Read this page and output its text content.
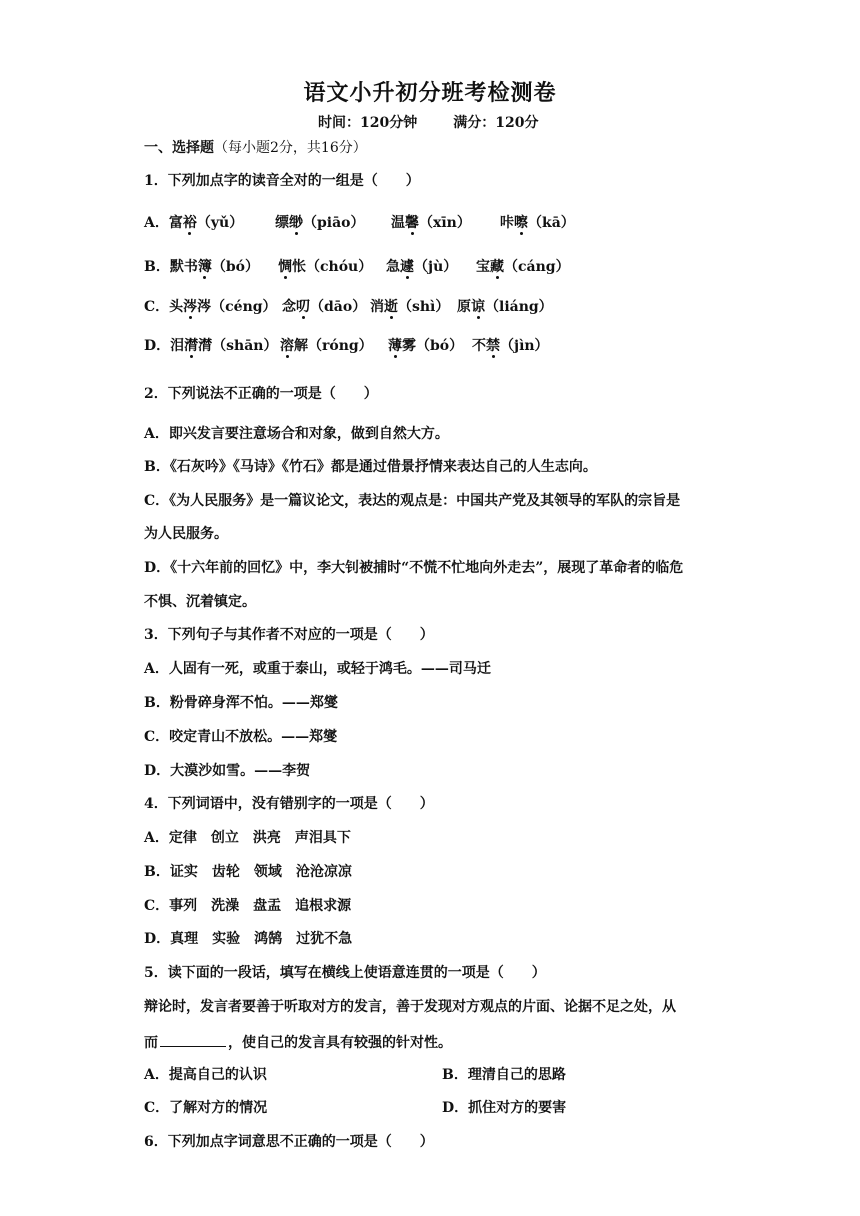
语文小升初分班考检测卷
时间：120分钟	满分：120分
一、选择题（每小题2分，共16分）
1．下列加点字的读音全对的一组是（　　）
A．富裕（yǔ） 缥缈（piāo） 温馨（xīn） 咔嚓（kā）
B．默书簿（bó） 惆怅（chóu） 急遽（jù） 宝藏（cáng）
C．头涔涔（céng） 念叨（dāo） 消逝（shì） 原谅（liáng）
D．泪潸潸（shān） 溶解（róng） 薄雾（bó） 不禁（jìn）
2．下列说法不正确的一项是（　　）
A．即兴发言要注意场合和对象，做到自然大方。
B．《石灰吟》《马诗》《竹石》都是通过借景抒情来表达自己的人生志向。
C．《为人民服务》是一篇议论文，表达的观点是：中国共产党及其领导的军队的宗旨是
为人民服务。
D．《十六年前的回忆》中，李大钊被捕时“不慌不忙地向外走去”，展现了革命者的临危
不惧、沉着镇定。
3．下列句子与其作者不对应的一项是（　　）
A．人固有一死，或重于泰山，或轻于鸿毛。——司马迁
B．粉骨碎身浑不怕。——郑燮
C．咬定青山不放松。——郑燮
D．大漠沙如雪。——李贺
4．下列词语中，没有错别字的一项是（　　）
A．定律　创立　洪亮　声泪具下
B．证实　齿轮　领域　沧沧凉凉
C．事列　洗澡　盘盂　追根求源
D．真理　实验　鸿鹄　过犹不急
5．读下面的一段话，填写在横线上使语意连贯的一项是（　　）
辩论时，发言者要善于听取对方的发言，善于发现对方观点的片面、论据不足之处，从
而	，使自己的发言具有较强的针对性。
A．提高自己的认识	B．理清自己的思路
C．了解对方的情况	D．抓住对方的要害
6．下列加点字词意思不正确的一项是（　　）
